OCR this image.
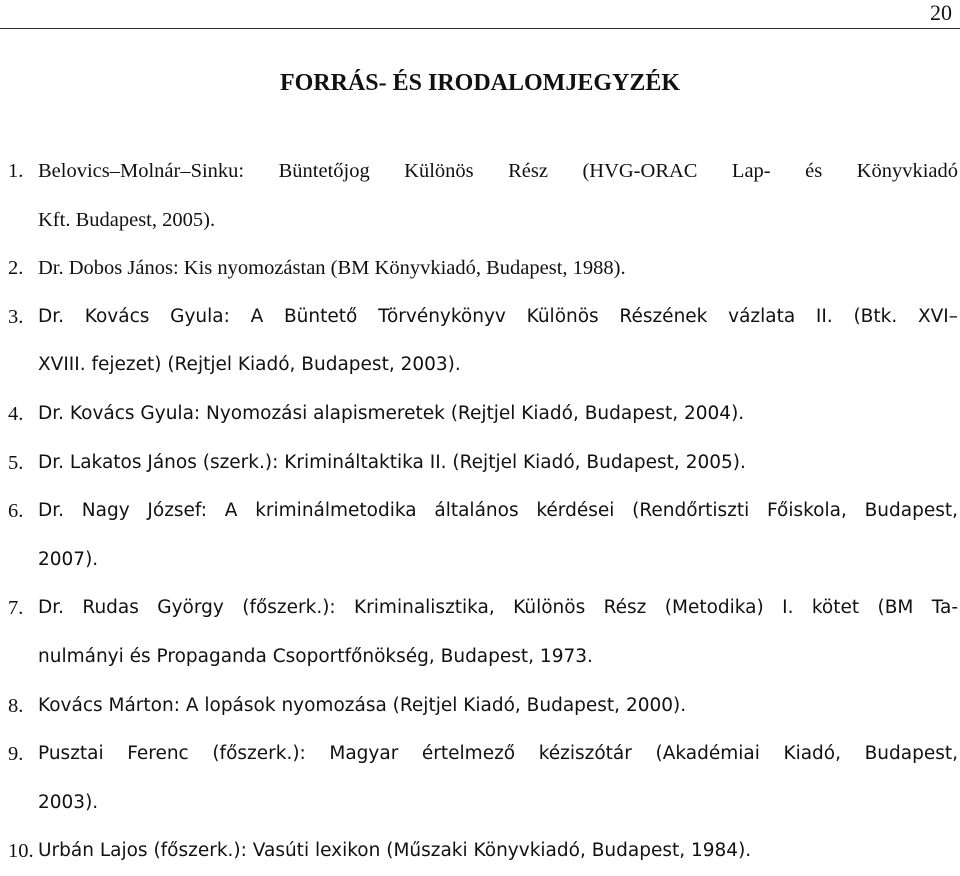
20
FORRÁS- ÉS IRODALOMJEGYZÉK
1. Belovics–Molnár–Sinku: Büntetőjog Különös Rész (HVG-ORAC Lap- és Könyvkiadó
Kft. Budapest, 2005).
2. Dr. Dobos János: Kis nyomozástan (BM Könyvkiadó, Budapest, 1988).
3. Dr. Kovács Gyula: A Büntető Törvénykönyv Különös Részének vázlata II. (Btk. XVI–
XVIII. fejezet) (Rejtjel Kiadó, Budapest, 2003).
4. Dr. Kovács Gyula: Nyomozási alapismeretek (Rejtjel Kiadó, Budapest, 2004).
5. Dr. Lakatos János (szerk.): Krimináltaktika II. (Rejtjel Kiadó, Budapest, 2005).
6. Dr. Nagy József: A kriminálmetodika általános kérdései (Rendőrtiszti Főiskola, Budapest,
2007).
7. Dr. Rudas György (főszerk.): Kriminalisztika, Különös Rész (Metodika) I. kötet (BM Ta-
nulmányi és Propaganda Csoportfőnökség, Budapest, 1973.
8. Kovács Márton: A lopások nyomozása (Rejtjel Kiadó, Budapest, 2000).
9. Pusztai Ferenc (főszerk.): Magyar értelmező kéziszótár (Akadémiai Kiadó, Budapest,
2003).
10. Urbán Lajos (főszerk.): Vasúti lexikon (Műszaki Könyvkiadó, Budapest, 1984).
